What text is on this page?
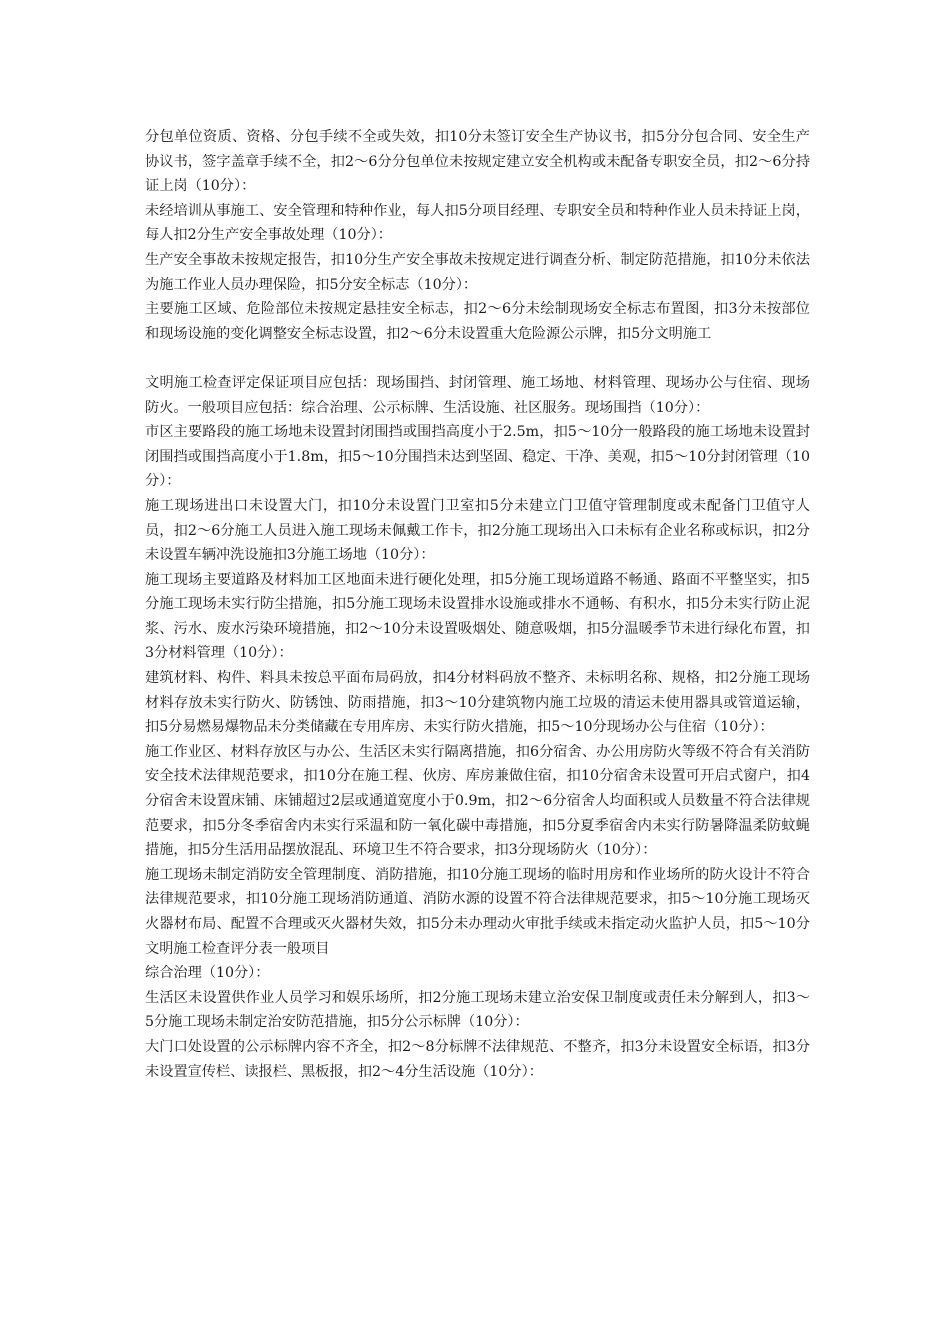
分包单位资质、资格、分包手续不全或失效，扣10分未签订安全生产协议书，扣5分分包合同、安全生产协议书，签字盖章手续不全，扣2～6分分包单位未按规定建立安全机构或未配备专职安全员，扣2～6分持证上岗（10分）：

未经培训从事施工、安全管理和特种作业，每人扣5分项目经理、专职安全员和特种作业人员未持证上岗，每人扣2分生产安全事故处理（10分）：

生产安全事故未按规定报告，扣10分生产安全事故未按规定进行调查分析、制定防范措施，扣10分未依法为施工作业人员办理保险，扣5分安全标志（10分）：

主要施工区域、危险部位未按规定悬挂安全标志，扣2～6分未绘制现场安全标志布置图，扣3分未按部位和现场设施的变化调整安全标志设置，扣2～6分未设置重大危险源公示牌，扣5分文明施工

文明施工检查评定保证项目应包括：现场围挡、封闭管理、施工场地、材料管理、现场办公与住宿、现场防火。一般项目应包括：综合治理、公示标牌、生活设施、社区服务。现场围挡（10分）：

市区主要路段的施工场地未设置封闭围挡或围挡高度小于2.5m，扣5～10分一般路段的施工场地未设置封闭围挡或围挡高度小于1.8m，扣5～10分围挡未达到坚固、稳定、干净、美观，扣5～10分封闭管理（10分）：

施工现场进出口未设置大门，扣10分未设置门卫室扣5分未建立门卫值守管理制度或未配备门卫值守人员，扣2～6分施工人员进入施工现场未佩戴工作卡，扣2分施工现场出入口未标有企业名称或标识，扣2分未设置车辆冲洗设施扣3分施工场地（10分）：

施工现场主要道路及材料加工区地面未进行硬化处理，扣5分施工现场道路不畅通、路面不平整坚实，扣5分施工现场未实行防尘措施，扣5分施工现场未设置排水设施或排水不通畅、有积水，扣5分未实行防止泥浆、污水、废水污染环境措施，扣2～10分未设置吸烟处、随意吸烟，扣5分温暖季节未进行绿化布置，扣3分材料管理（10分）：

建筑材料、构件、料具未按总平面布局码放，扣4分材料码放不整齐、未标明名称、规格，扣2分施工现场材料存放未实行防火、防锈蚀、防雨措施，扣3～10分建筑物内施工垃圾的清运未使用器具或管道运输，扣5分易燃易爆物品未分类储藏在专用库房、未实行防火措施，扣5～10分现场办公与住宿（10分）：

施工作业区、材料存放区与办公、生活区未实行隔离措施，扣6分宿舍、办公用房防火等级不符合有关消防安全技术法律规范要求，扣10分在施工程、伙房、库房兼做住宿，扣10分宿舍未设置可开启式窗户，扣4分宿舍未设置床铺、床铺超过2层或通道宽度小于0.9m，扣2～6分宿舍人均面积或人员数量不符合法律规范要求，扣5分冬季宿舍内未实行采温和防一氧化碳中毒措施，扣5分夏季宿舍内未实行防暑降温柔防蚊蝇措施，扣5分生活用品摆放混乱、环境卫生不符合要求，扣3分现场防火（10分）：

施工现场未制定消防安全管理制度、消防措施，扣10分施工现场的临时用房和作业场所的防火设计不符合法律规范要求，扣10分施工现场消防通道、消防水源的设置不符合法律规范要求，扣5～10分施工现场灭火器材布局、配置不合理或灭火器材失效，扣5分未办理动火审批手续或未指定动火监护人员，扣5～10分文明施工检查评分表一般项目

综合治理（10分）：

生活区未设置供作业人员学习和娱乐场所，扣2分施工现场未建立治安保卫制度或责任未分解到人，扣3～5分施工现场未制定治安防范措施，扣5分公示标牌（10分）：

大门口处设置的公示标牌内容不齐全，扣2～8分标牌不法律规范、不整齐，扣3分未设置安全标语，扣3分未设置宣传栏、读报栏、黑板报，扣2～4分生活设施（10分）：
